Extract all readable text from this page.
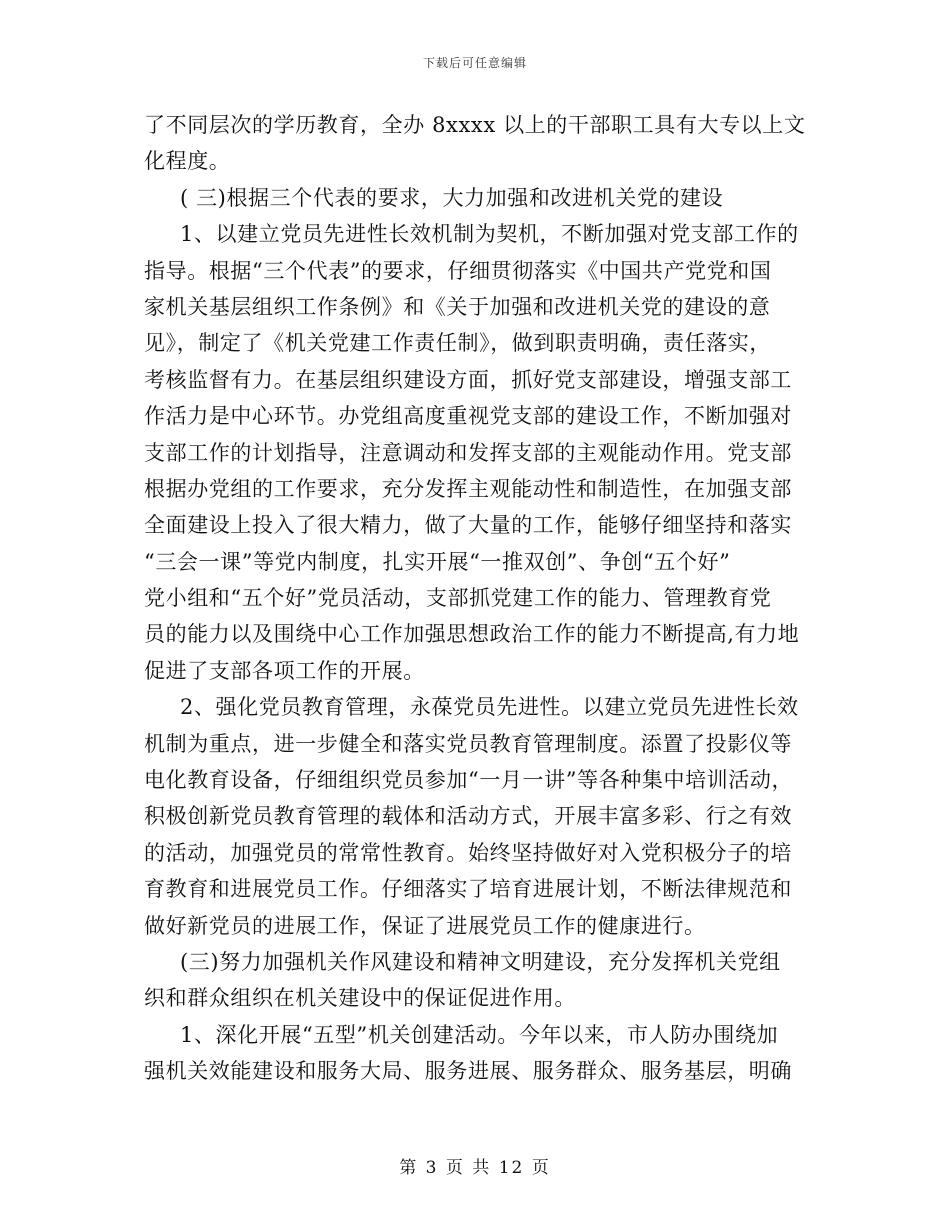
下载后可任意编辑
了不同层次的学历教育，全办 8xxxx 以上的干部职工具有大专以上文
化程度。
( 三)根据三个代表的要求，大力加强和改进机关党的建设
1、以建立党员先进性长效机制为契机，不断加强对党支部工作的
指导。根据“三个代表”的要求，仔细贯彻落实《中国共产党党和国
家机关基层组织工作条例》和《关于加强和改进机关党的建设的意
见》，制定了《机关党建工作责任制》，做到职责明确，责任落实，
考核监督有力。在基层组织建设方面，抓好党支部建设，增强支部工
作活力是中心环节。办党组高度重视党支部的建设工作，不断加强对
支部工作的计划指导，注意调动和发挥支部的主观能动作用。党支部
根据办党组的工作要求，充分发挥主观能动性和制造性，在加强支部
全面建设上投入了很大精力，做了大量的工作，能够仔细坚持和落实
“三会一课”等党内制度，扎实开展“一推双创”、争创“五个好”
党小组和“五个好”党员活动，支部抓党建工作的能力、管理教育党
员的能力以及围绕中心工作加强思想政治工作的能力不断提高,有力地
促进了支部各项工作的开展。
2、强化党员教育管理，永葆党员先进性。以建立党员先进性长效
机制为重点，进一步健全和落实党员教育管理制度。添置了投影仪等
电化教育设备，仔细组织党员参加“一月一讲”等各种集中培训活动，
积极创新党员教育管理的载体和活动方式，开展丰富多彩、行之有效
的活动，加强党员的常常性教育。始终坚持做好对入党积极分子的培
育教育和进展党员工作。仔细落实了培育进展计划，不断法律规范和
做好新党员的进展工作，保证了进展党员工作的健康进行。
(三)努力加强机关作风建设和精神文明建设，充分发挥机关党组
织和群众组织在机关建设中的保证促进作用。
1、深化开展“五型”机关创建活动。今年以来，市人防办围绕加
强机关效能建设和服务大局、服务进展、服务群众、服务基层，明确
第 3 页 共 12 页
